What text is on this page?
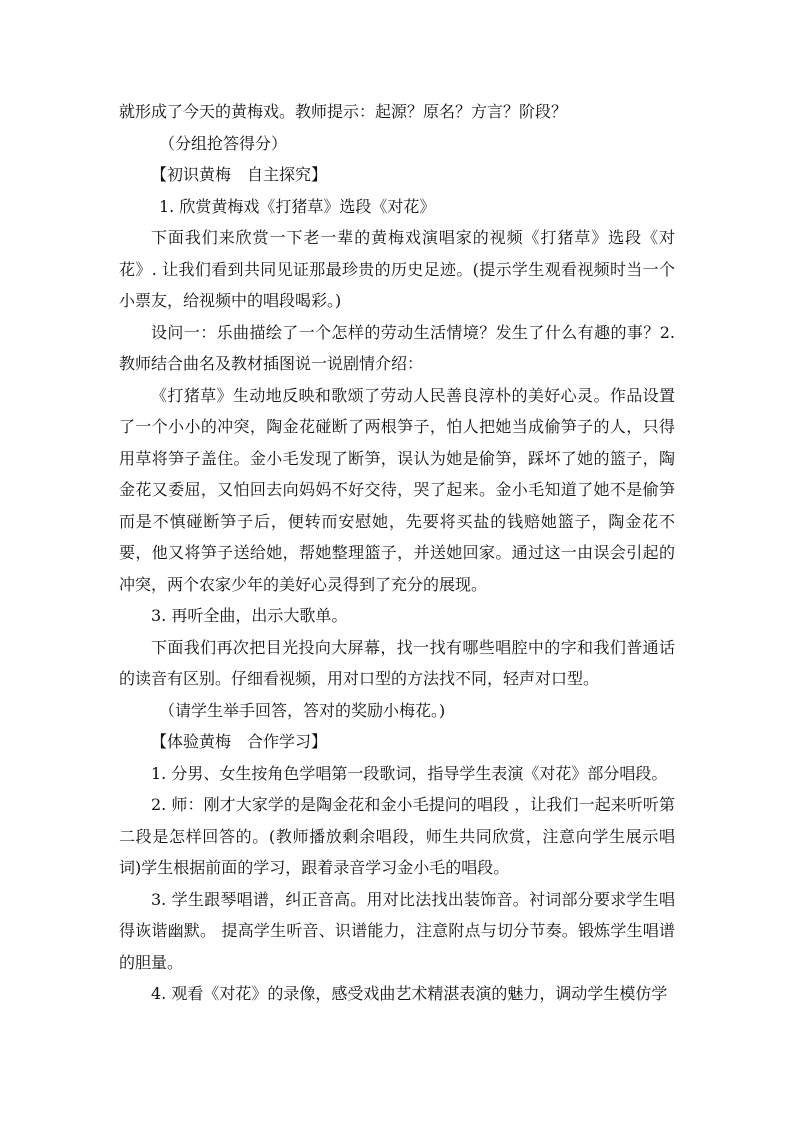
就形成了今天的黄梅戏。教师提示：起源？原名？方言？阶段？

（分组抢答得分）

【初识黄梅　自主探究】

1. 欣赏黄梅戏《打猪草》选段《对花》

下面我们来欣赏一下老一辈的黄梅戏演唱家的视频《打猪草》选段《对花》. 让我们看到共同见证那最珍贵的历史足迹。(提示学生观看视频时当一个小票友，给视频中的唱段喝彩。)

设问一：乐曲描绘了一个怎样的劳动生活情境？发生了什么有趣的事？2. 教师结合曲名及教材插图说一说剧情介绍：

《打猪草》生动地反映和歌颂了劳动人民善良淳朴的美好心灵。作品设置了一个小小的冲突，陶金花碰断了两根笋子，怕人把她当成偷笋子的人，只得用草将笋子盖住。金小毛发现了断笋，误认为她是偷笋，踩坏了她的篮子，陶金花又委屈，又怕回去向妈妈不好交待，哭了起来。金小毛知道了她不是偷笋而是不慎碰断笋子后，便转而安慰她，先要将买盐的钱赔她篮子，陶金花不要，他又将笋子送给她，帮她整理篮子，并送她回家。通过这一由误会引起的冲突，两个农家少年的美好心灵得到了充分的展现。

3. 再听全曲，出示大歌单。

下面我们再次把目光投向大屏幕，找一找有哪些唱腔中的字和我们普通话的读音有区别。仔细看视频，用对口型的方法找不同，轻声对口型。

（请学生举手回答，答对的奖励小梅花。)

【体验黄梅　合作学习】

1. 分男、女生按角色学唱第一段歌词，指导学生表演《对花》部分唱段。

2. 师：刚才大家学的是陶金花和金小毛提问的唱段 ，让我们一起来听听第二段是怎样回答的。(教师播放剩余唱段，师生共同欣赏，注意向学生展示唱词)学生根据前面的学习，跟着录音学习金小毛的唱段。

3. 学生跟琴唱谱，纠正音高。用对比法找出装饰音。衬词部分要求学生唱得诙谐幽默。 提高学生听音、识谱能力，注意附点与切分节奏。锻炼学生唱谱的胆量。

4. 观看《对花》的录像，感受戏曲艺术精湛表演的魅力，调动学生模仿学
